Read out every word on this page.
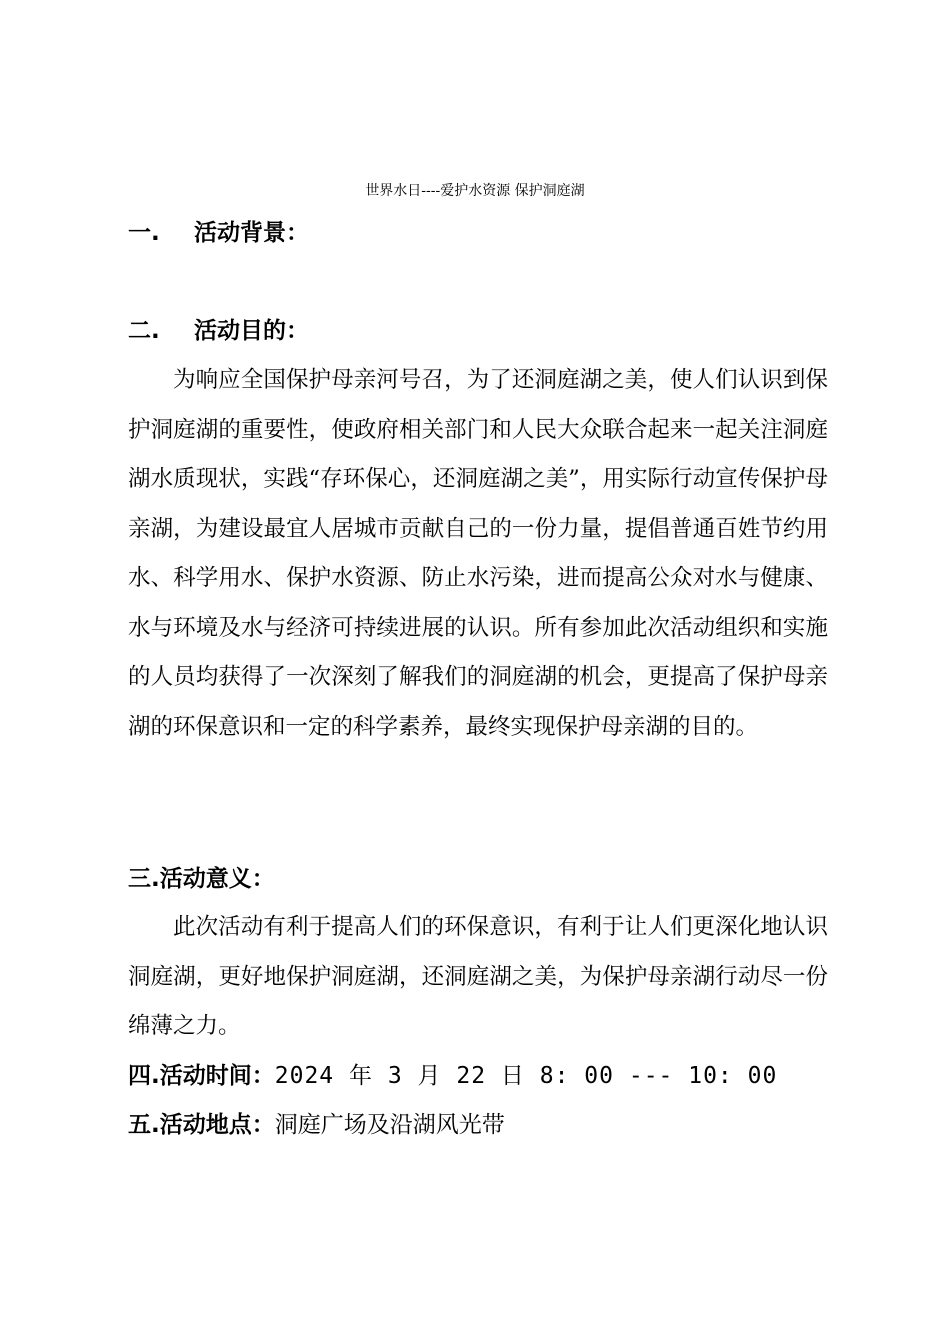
世界水日----爱护水资源 保护洞庭湖
一. 活动背景：
二. 活动目的：

为响应全国保护母亲河号召，为了还洞庭湖之美，使人们认识到保护洞庭湖的重要性，使政府相关部门和人民大众联合起来一起关注洞庭湖水质现状，实践“存环保心，还洞庭湖之美”，用实际行动宣传保护母亲湖，为建设最宜人居城市贡献自己的一份力量，提倡普通百姓节约用水、科学用水、保护水资源、防止水污染，进而提高公众对水与健康、水与环境及水与经济可持续进展的认识。所有参加此次活动组织和实施的人员均获得了一次深刻了解我们的洞庭湖的机会，更提高了保护母亲湖的环保意识和一定的科学素养，最终实现保护母亲湖的目的。

三.活动意义：

此次活动有利于提高人们的环保意识，有利于让人们更深化地认识洞庭湖，更好地保护洞庭湖，还洞庭湖之美，为保护母亲湖行动尽一份绵薄之力。

四.活动时间：2024 年 3 月 22 日 8: 00 --- 10: 00
五.活动地点：洞庭广场及沿湖风光带
